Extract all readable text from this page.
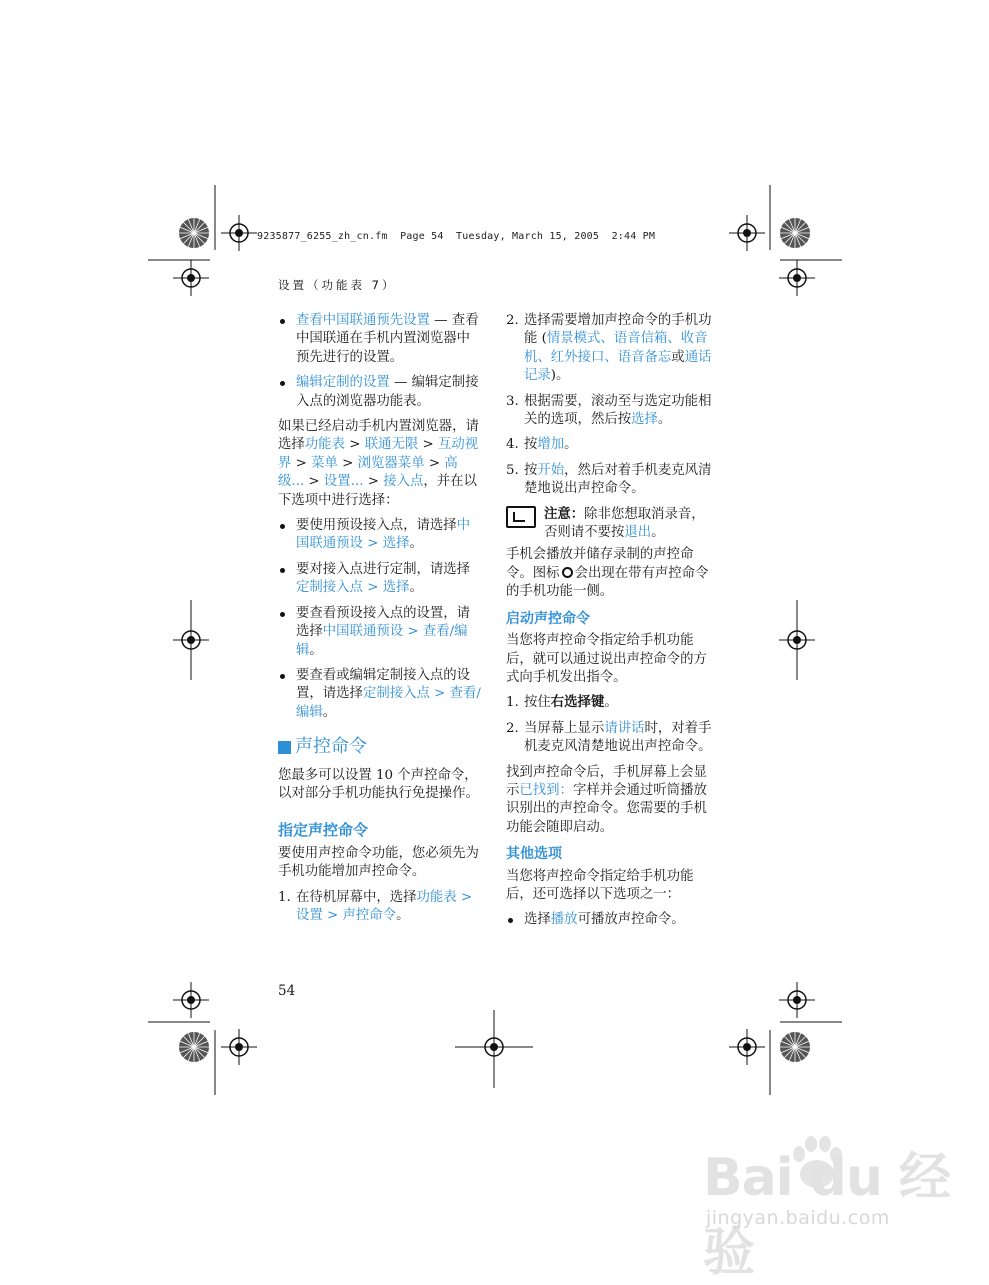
9235877_6255_zh_cn.fm  Page 54  Tuesday, March 15, 2005  2:44 PM
设置（功能表 7）
查看中国联通预先设置 — 查看中国联通在手机内置浏览器中预先进行的设置。
编辑定制的设置 — 编辑定制接入点的浏览器功能表。
如果已经启动手机内置浏览器，请选择功能表 > 联通无限 > 互动视界 > 菜单 > 浏览器菜单 > 高级... > 设置... > 接入点，并在以下选项中进行选择：
要使用预设接入点，请选择中国联通预设 > 选择。
要对接入点进行定制，请选择定制接入点 > 选择。
要查看预设接入点的设置，请选择中国联通预设 > 查看/编辑。
要查看或编辑定制接入点的设置，请选择定制接入点 > 查看/编辑。
声控命令
您最多可以设置 10 个声控命令，以对部分手机功能执行免提操作。
指定声控命令
要使用声控命令功能，您必须先为手机功能增加声控命令。
1. 在待机屏幕中，选择功能表 > 设置 > 声控命令。
2. 选择需要增加声控命令的手机功能 (情景模式、语音信箱、收音机、红外接口、语音备忘或通话记录)。
3. 根据需要，滚动至与选定功能相关的选项，然后按选择。
4. 按增加。
5. 按开始，然后对着手机麦克风清楚地说出声控命令。
注意：除非您想取消录音，否则请不要按退出。
手机会播放并储存录制的声控命令。图标 会出现在带有声控命令的手机功能一侧。
启动声控命令
当您将声控命令指定给手机功能后，就可以通过说出声控命令的方式向手机发出指令。
1. 按住右选择键。
2. 当屏幕上显示请讲话时，对着手机麦克风清楚地说出声控命令。
找到声控命令后，手机屏幕上会显示已找到：字样并会通过听筒播放识别出的声控命令。您需要的手机功能会随即启动。
其他选项
当您将声控命令指定给手机功能后，还可选择以下选项之一：
选择播放可播放声控命令。
54
Bai du 经验
jingyan.baidu.com
